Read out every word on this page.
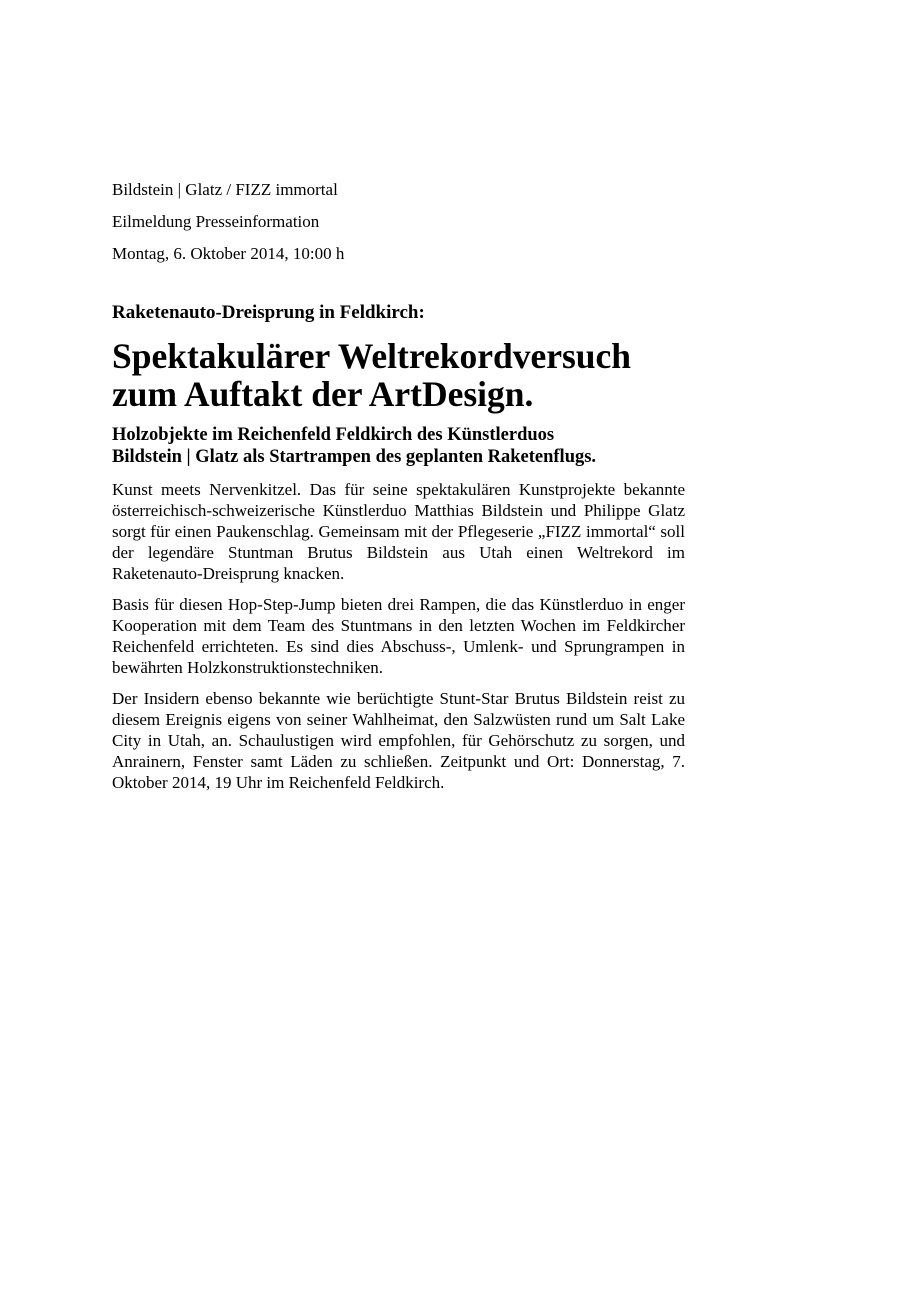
Bildstein | Glatz / FIZZ immortal

Eilmeldung Presseinformation

Montag, 6. Oktober 2014, 10:00 h

Raketenauto-Dreisprung in Feldkirch:

Spektakulärer Weltrekordversuch
zum Auftakt der ArtDesign.
Holzobjekte im Reichenfeld Feldkirch des Künstlerduos
Bildstein | Glatz als Startrampen des geplanten Raketenflugs.

Kunst meets Nervenkitzel. Das für seine spektakulären Kunstprojekte bekannte österreichisch-schweizerische Künstlerduo Matthias Bildstein und Philippe Glatz sorgt für einen Paukenschlag. Gemeinsam mit der Pflegeserie „FIZZ immortal“ soll der legendäre Stuntman Brutus Bildstein aus Utah einen Weltrekord im Raketenauto-Dreisprung knacken.

Basis für diesen Hop-Step-Jump bieten drei Rampen, die das Künstlerduo in enger Kooperation mit dem Team des Stuntmans in den letzten Wochen im Feldkircher Reichenfeld errichteten. Es sind dies Abschuss-, Umlenk- und Sprungrampen in bewährten Holzkonstruktionstechniken.

Der Insidern ebenso bekannte wie berüchtigte Stunt-Star Brutus Bildstein reist zu diesem Ereignis eigens von seiner Wahlheimat, den Salzwüsten rund um Salt Lake City in Utah, an. Schaulustigen wird empfohlen, für Gehörschutz zu sorgen, und Anrainern, Fenster samt Läden zu schließen. Zeitpunkt und Ort: Donnerstag, 7. Oktober 2014, 19 Uhr im Reichenfeld Feldkirch.
